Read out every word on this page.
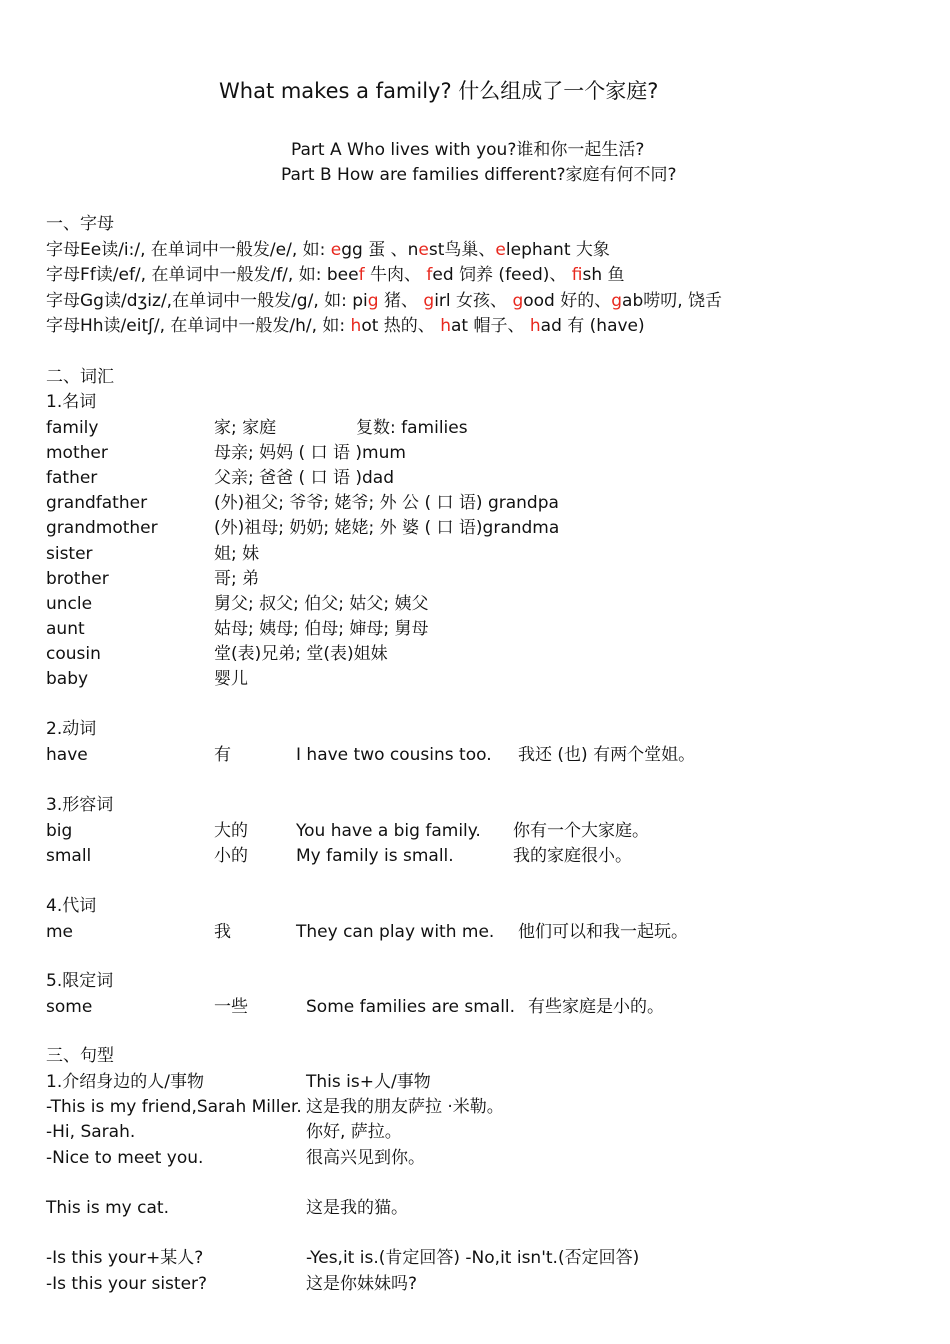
What makes a family? 什么组成了一个家庭?
Part A Who lives with you?谁和你一起生活?
Part B How are families different?家庭有何不同?
一、字母
字母Ee读/i:/, 在单词中一般发/e/, 如: egg 蛋 、nest鸟巢、elephant 大象
字母Ff读/ef/, 在单词中一般发/f/, 如: beef 牛肉、 fed 饲养 (feed)、 fish 鱼
字母Gg读/dʒiz/,在单词中一般发/g/, 如: pig 猪、 girl 女孩、 good 好的、gab唠叨, 饶舌
字母Hh读/eitʃ/, 在单词中一般发/h/, 如: hot 热的、 hat 帽子、 had 有 (have)
二、词汇
1.名词
family	家; 家庭	复数: families
mother	母亲; 妈妈 ( 口 语 )mum
father	父亲; 爸爸 ( 口 语 )dad
grandfather	(外)祖父; 爷爷; 姥爷; 外 公 ( 口 语) grandpa
grandmother	(外)祖母; 奶奶; 姥姥; 外 婆 ( 口 语)grandma
sister	姐; 妹
brother	哥; 弟
uncle	舅父; 叔父; 伯父; 姑父; 姨父
aunt	姑母; 姨母; 伯母; 婶母; 舅母
cousin	堂(表)兄弟; 堂(表)姐妹
baby	婴儿
2.动词
have	有	I have two cousins too. 我还 (也) 有两个堂姐。
3.形容词
big	大的	You have a big family. 你有一个大家庭。
small	小的	My family is small.	我的家庭很小。
4.代词
me	我	They can play with me. 他们可以和我一起玩。
5.限定词
some	一些	Some families are small. 有些家庭是小的。
三、句型
1.介绍身边的人/事物	This is+人/事物
-This is my friend,Sarah Miller. 这是我的朋友萨拉 ·米勒。
-Hi, Sarah.	你好, 萨拉。
-Nice to meet you.	很高兴见到你。
This is my cat.	这是我的猫。
-Is this your+某人?	-Yes,it is.(肯定回答) -No,it isn't.(否定回答)
-Is this your sister?	这是你妹妹吗?
